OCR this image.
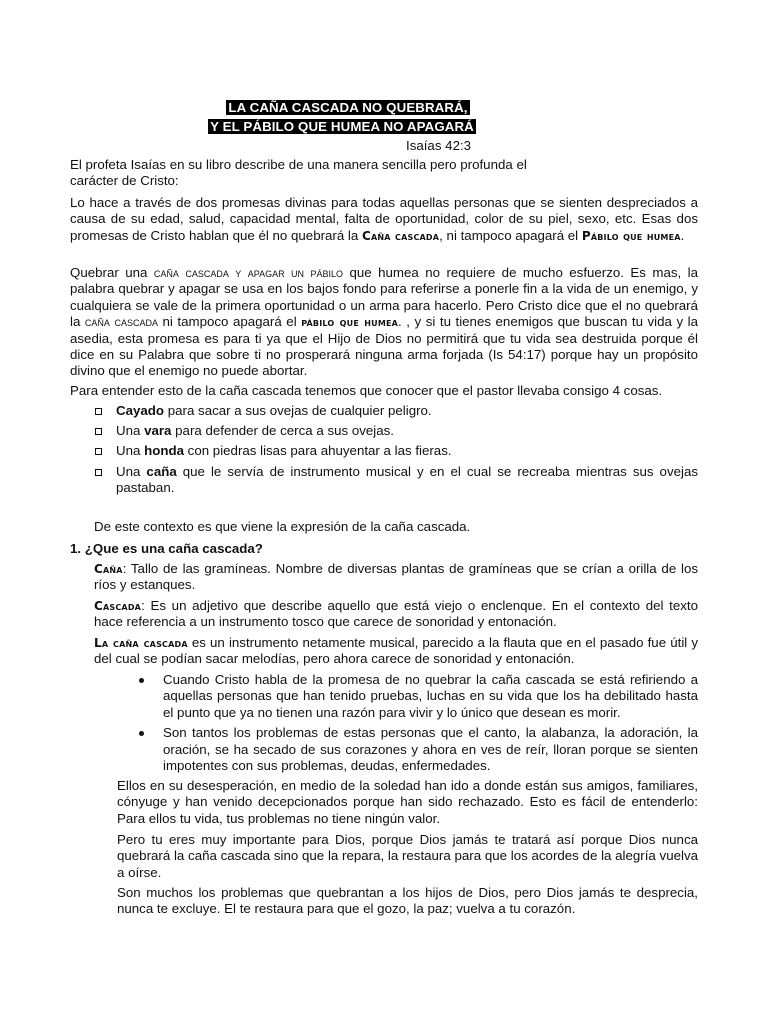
LA CAÑA CASCADA NO QUEBRARÁ,
Y EL PÁBILO QUE HUMEA NO APAGARÁ
Isaías 42:3
El profeta Isaías en su libro describe de una manera sencilla pero profunda el
carácter de Cristo:
Lo hace a través de dos promesas divinas para todas aquellas personas que se sienten despreciados a causa de su edad, salud, capacidad mental, falta de oportunidad, color de su piel, sexo, etc. Esas dos promesas de Cristo hablan que él no quebrará la Caña cascada, ni tampoco apagará el Pábilo que humea.
Quebrar una caña cascada y apagar un pábilo que humea no requiere de mucho esfuerzo. Es mas, la palabra quebrar y apagar se usa en los bajos fondo para referirse a ponerle fin a la vida de un enemigo, y cualquiera se vale de la primera oportunidad o un arma para hacerlo. Pero Cristo dice que el no quebrará la caña cascada ni tampoco apagará el pábilo que humea. , y si tu tienes enemigos que buscan tu vida y la asedia, esta promesa es para ti ya que el Hijo de Dios no permitirá que tu vida sea destruida porque él dice en su Palabra que sobre ti no prosperará ninguna arma forjada (Is 54:17) porque hay un propósito divino que el enemigo no puede abortar.
Para entender esto de la caña cascada tenemos que conocer que el pastor llevaba consigo 4 cosas.
Cayado para sacar a sus ovejas de cualquier peligro.
Una vara para defender de cerca a sus ovejas.
Una honda con piedras lisas para ahuyentar a las fieras.
Una caña que le servía de instrumento musical y en el cual se recreaba mientras sus ovejas pastaban.
De este contexto es que viene la expresión de la caña cascada.
1. ¿Que es una caña cascada?
Caña: Tallo de las gramíneas. Nombre de diversas plantas de gramíneas que se crían a orilla de los ríos y estanques.
Cascada: Es un adjetivo que describe aquello que está viejo o enclenque. En el contexto del texto hace referencia a un instrumento tosco que carece de sonoridad y entonación.
La caña cascada es un instrumento netamente musical, parecido a la flauta que en el pasado fue útil y del cual se podían sacar melodías, pero ahora carece de sonoridad y entonación.
Cuando Cristo habla de la promesa de no quebrar la caña cascada se está refiriendo a aquellas personas que han tenido pruebas, luchas en su vida que los ha debilitado hasta el punto que ya no tienen una razón para vivir y lo único que desean es morir.
Son tantos los problemas de estas personas que el canto, la alabanza, la adoración, la oración, se ha secado de sus corazones y ahora en ves de reír, lloran porque se sienten impotentes con sus problemas, deudas, enfermedades.
Ellos en su desesperación, en medio de la soledad han ido a donde están sus amigos, familiares, cónyuge y han venido decepcionados porque han sido rechazado. Esto es fácil de entenderlo: Para ellos tu vida, tus problemas no tiene ningún valor.
Pero tu eres muy importante para Dios, porque Dios jamás te tratará así porque Dios nunca quebrará la caña cascada sino que la repara, la restaura para que los acordes de la alegría vuelva a oírse.
Son muchos los problemas que quebrantan a los hijos de Dios, pero Dios jamás te desprecia, nunca te excluye. El te restaura para que el gozo, la paz; vuelva a tu corazón.
